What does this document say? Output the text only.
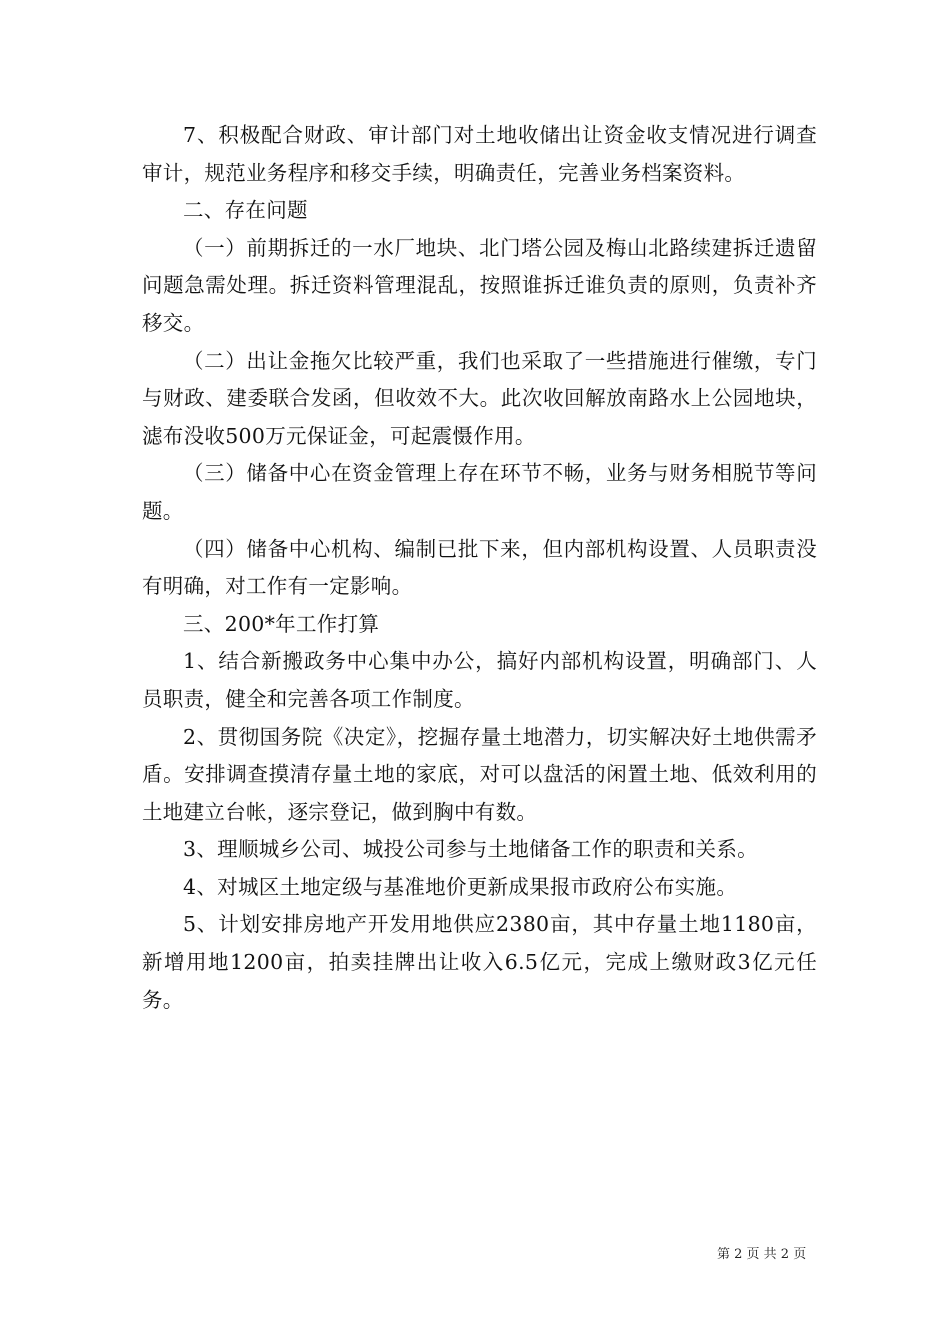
7、积极配合财政、审计部门对土地收储出让资金收支情况进行调查审计，规范业务程序和移交手续，明确责任，完善业务档案资料。

二、存在问题

（一）前期拆迁的一水厂地块、北门塔公园及梅山北路续建拆迁遗留问题急需处理。拆迁资料管理混乱，按照谁拆迁谁负责的原则，负责补齐移交。

（二）出让金拖欠比较严重，我们也采取了一些措施进行催缴，专门与财政、建委联合发函，但收效不大。此次收回解放南路水上公园地块，滤布没收500万元保证金，可起震慑作用。

（三）储备中心在资金管理上存在环节不畅，业务与财务相脱节等问题。

（四）储备中心机构、编制已批下来，但内部机构设置、人员职责没有明确，对工作有一定影响。

三、200*年工作打算

1、结合新搬政务中心集中办公，搞好内部机构设置，明确部门、人员职责，健全和完善各项工作制度。

2、贯彻国务院《决定》，挖掘存量土地潜力，切实解决好土地供需矛盾。安排调查摸清存量土地的家底，对可以盘活的闲置土地、低效利用的土地建立台帐，逐宗登记，做到胸中有数。

3、理顺城乡公司、城投公司参与土地储备工作的职责和关系。

4、对城区土地定级与基准地价更新成果报市政府公布实施。

5、计划安排房地产开发用地供应2380亩，其中存量土地1180亩，新增用地1200亩，拍卖挂牌出让收入6.5亿元，完成上缴财政3亿元任务。

第 2 页 共 2 页
